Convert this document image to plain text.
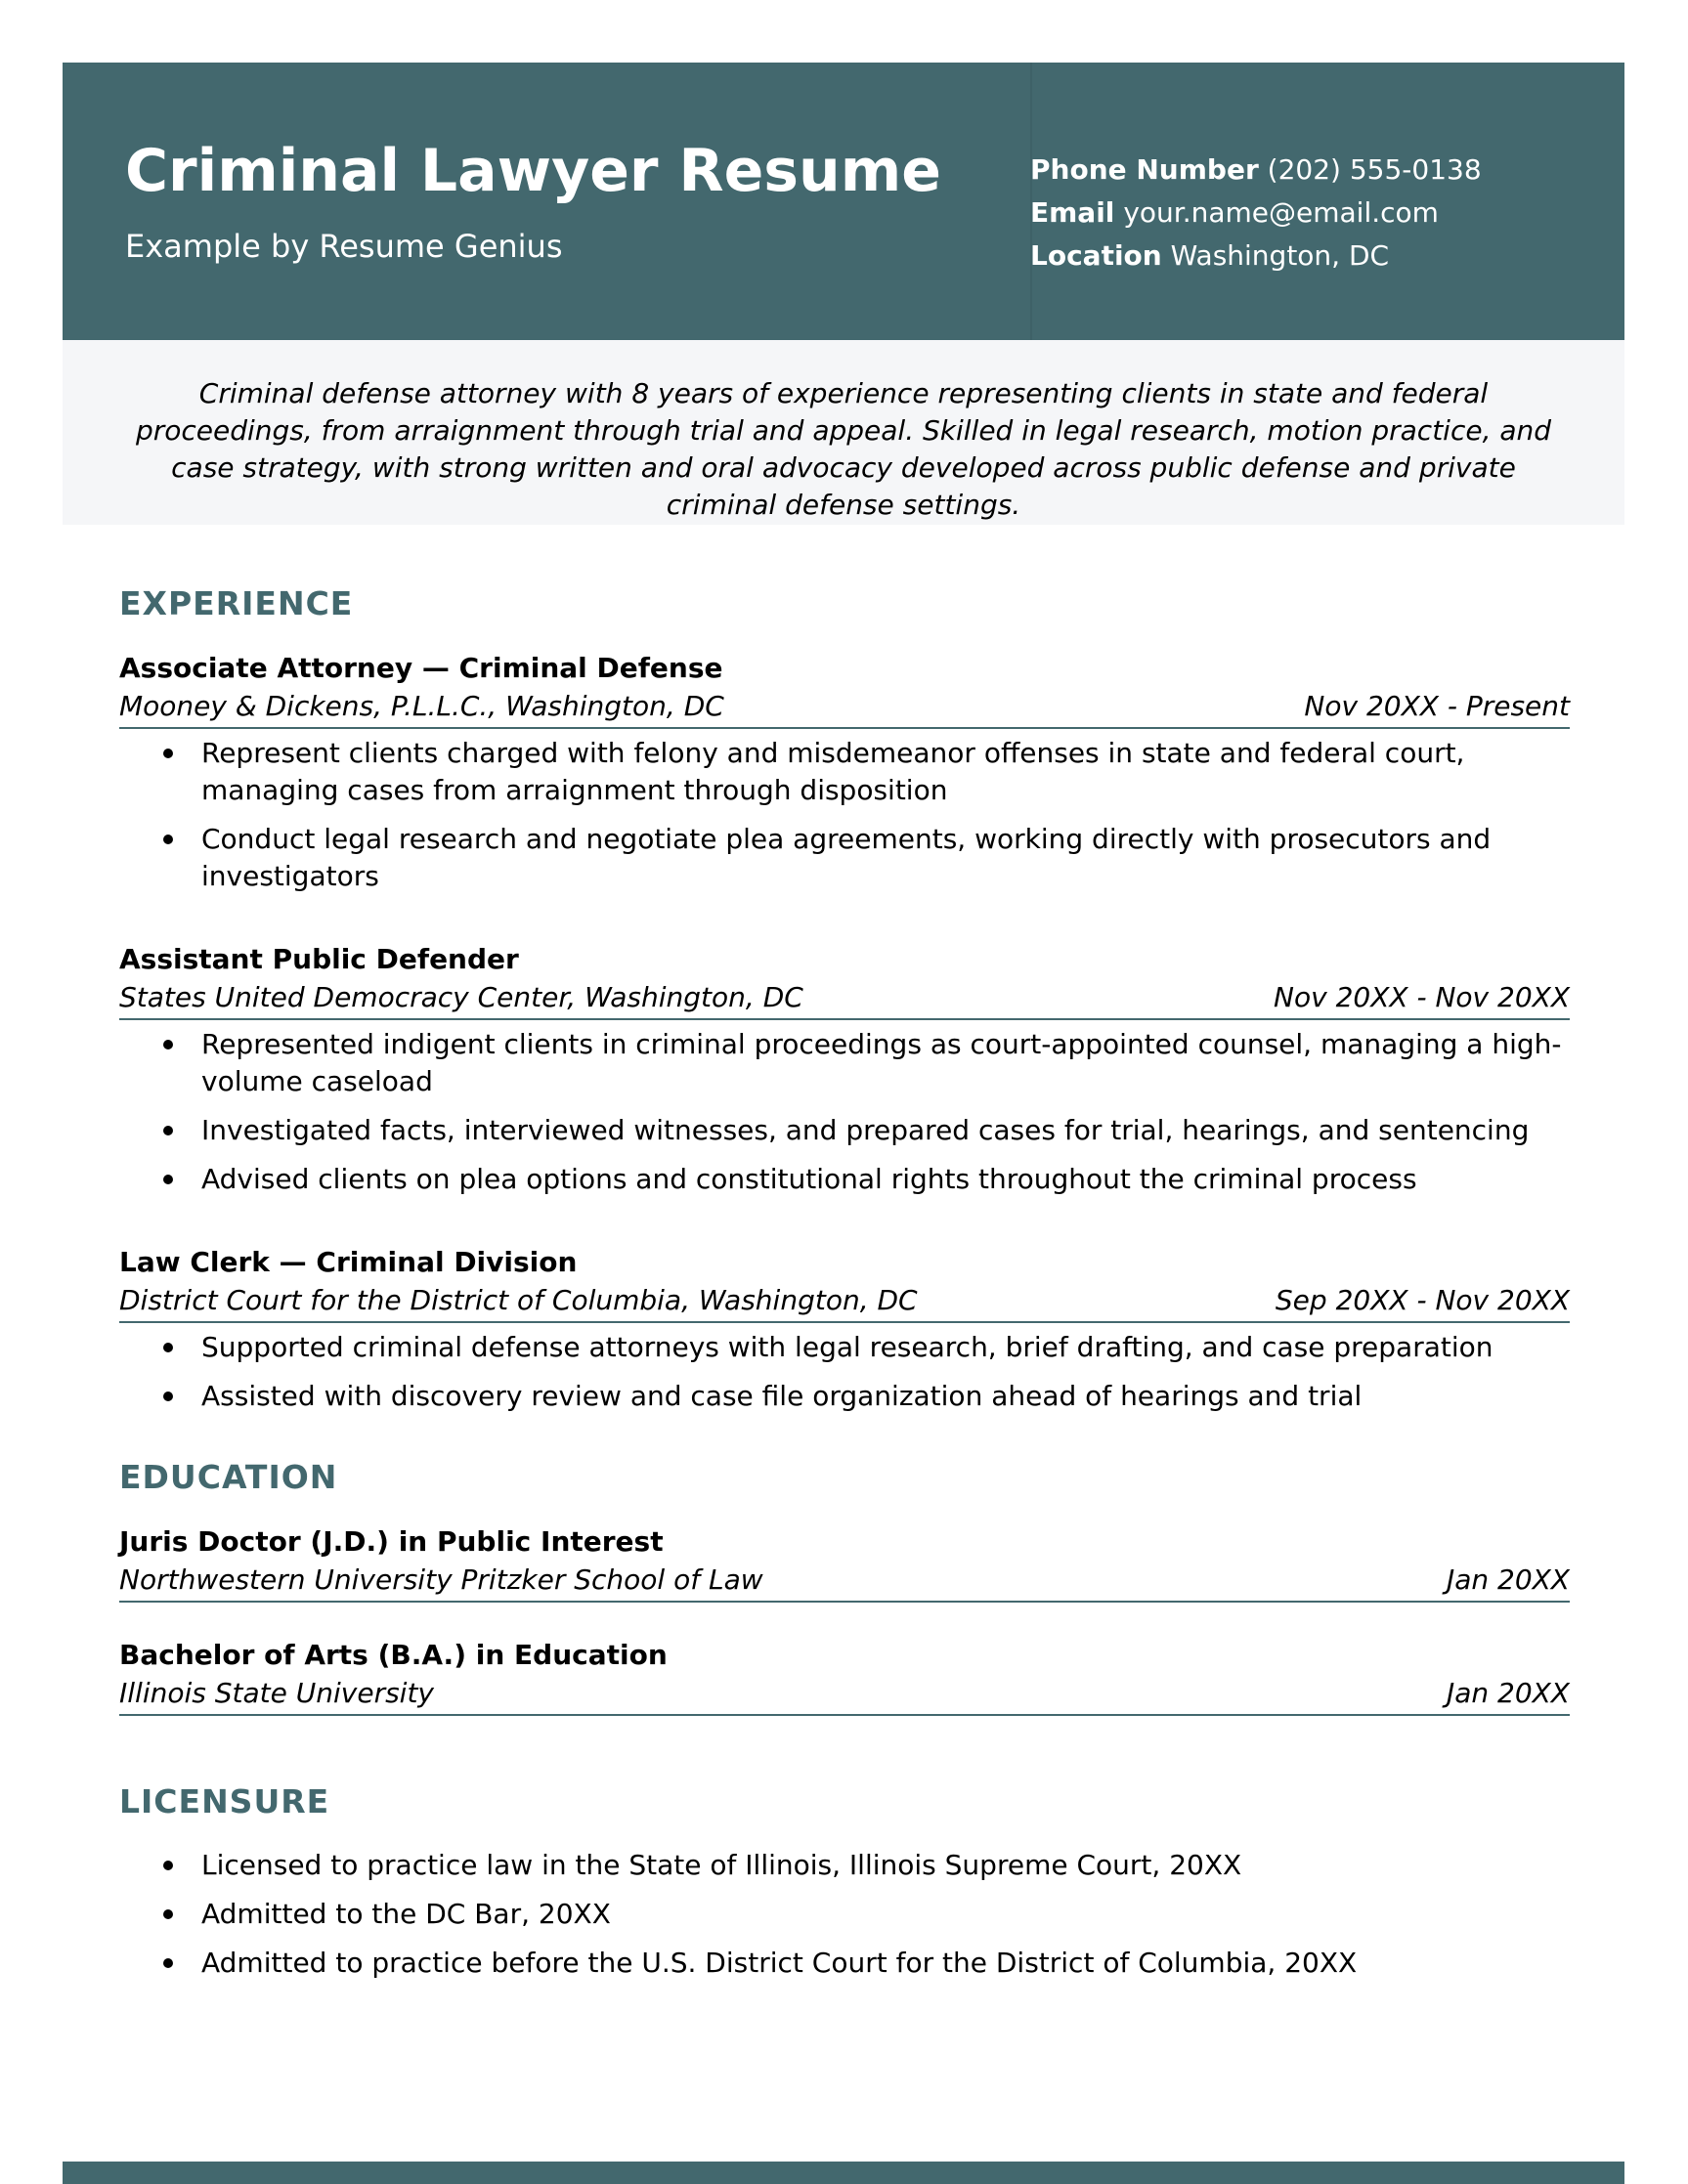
Criminal Lawyer Resume
Example by Resume Genius
Phone Number (202) 555-0138
Email your.name@email.com
Location Washington, DC

Criminal defense attorney with 8 years of experience representing clients in state and federal proceedings, from arraignment through trial and appeal. Skilled in legal research, motion practice, and case strategy, with strong written and oral advocacy developed across public defense and private criminal defense settings.

EXPERIENCE
Associate Attorney — Criminal Defense
Mooney & Dickens, P.L.L.C., Washington, DC	Nov 20XX - Present
Represent clients charged with felony and misdemeanor offenses in state and federal court, managing cases from arraignment through disposition
Conduct legal research and negotiate plea agreements, working directly with prosecutors and investigators
Assistant Public Defender
States United Democracy Center, Washington, DC	Nov 20XX - Nov 20XX
Represented indigent clients in criminal proceedings as court-appointed counsel, managing a high-volume caseload
Investigated facts, interviewed witnesses, and prepared cases for trial, hearings, and sentencing
Advised clients on plea options and constitutional rights throughout the criminal process
Law Clerk — Criminal Division
District Court for the District of Columbia, Washington, DC	Sep 20XX - Nov 20XX
Supported criminal defense attorneys with legal research, brief drafting, and case preparation
Assisted with discovery review and case file organization ahead of hearings and trial
EDUCATION
Juris Doctor (J.D.) in Public Interest
Northwestern University Pritzker School of Law	Jan 20XX
Bachelor of Arts (B.A.) in Education
Illinois State University	Jan 20XX
LICENSURE
Licensed to practice law in the State of Illinois, Illinois Supreme Court, 20XX
Admitted to the DC Bar, 20XX
Admitted to practice before the U.S. District Court for the District of Columbia, 20XX
